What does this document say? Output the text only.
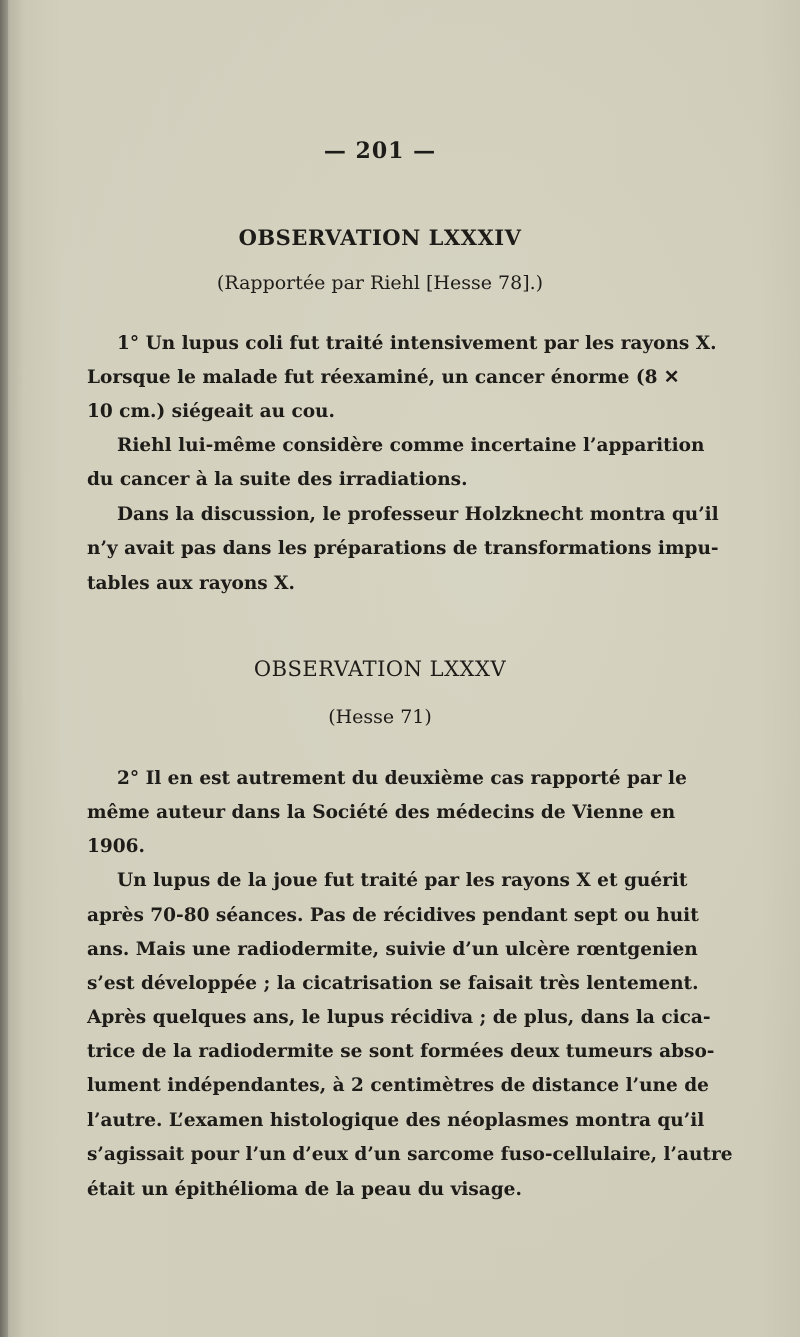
— 201 —
OBSERVATION LXXXIV
(Rapportée par Riehl [Hesse 78].)
1° Un lupus coli fut traité intensivement par les rayons X.
Lorsque le malade fut réexaminé, un cancer énorme (8 ✕
10 cm.) siégeait au cou.
Riehl lui-même considère comme incertaine l’apparition
du cancer à la suite des irradiations.
Dans la discussion, le professeur Holzknecht montra qu’il
n’y avait pas dans les préparations de transformations impu-
tables aux rayons X.
OBSERVATION LXXXV
(Hesse 71)
2° Il en est autrement du deuxième cas rapporté par le
même auteur dans la Société des médecins de Vienne en
1906.
Un lupus de la joue fut traité par les rayons X et guérit
après 70-80 séances. Pas de récidives pendant sept ou huit
ans. Mais une radiodermite, suivie d’un ulcère rœntgenien
s’est développée ; la cicatrisation se faisait très lentement.
Après quelques ans, le lupus récidiva ; de plus, dans la cica-
trice de la radiodermite se sont formées deux tumeurs abso-
lument indépendantes, à 2 centimètres de distance l’une de
l’autre. L’examen histologique des néoplasmes montra qu’il
s’agissait pour l’un d’eux d’un sarcome fuso-cellulaire, l’autre
était un épithélioma de la peau du visage.
